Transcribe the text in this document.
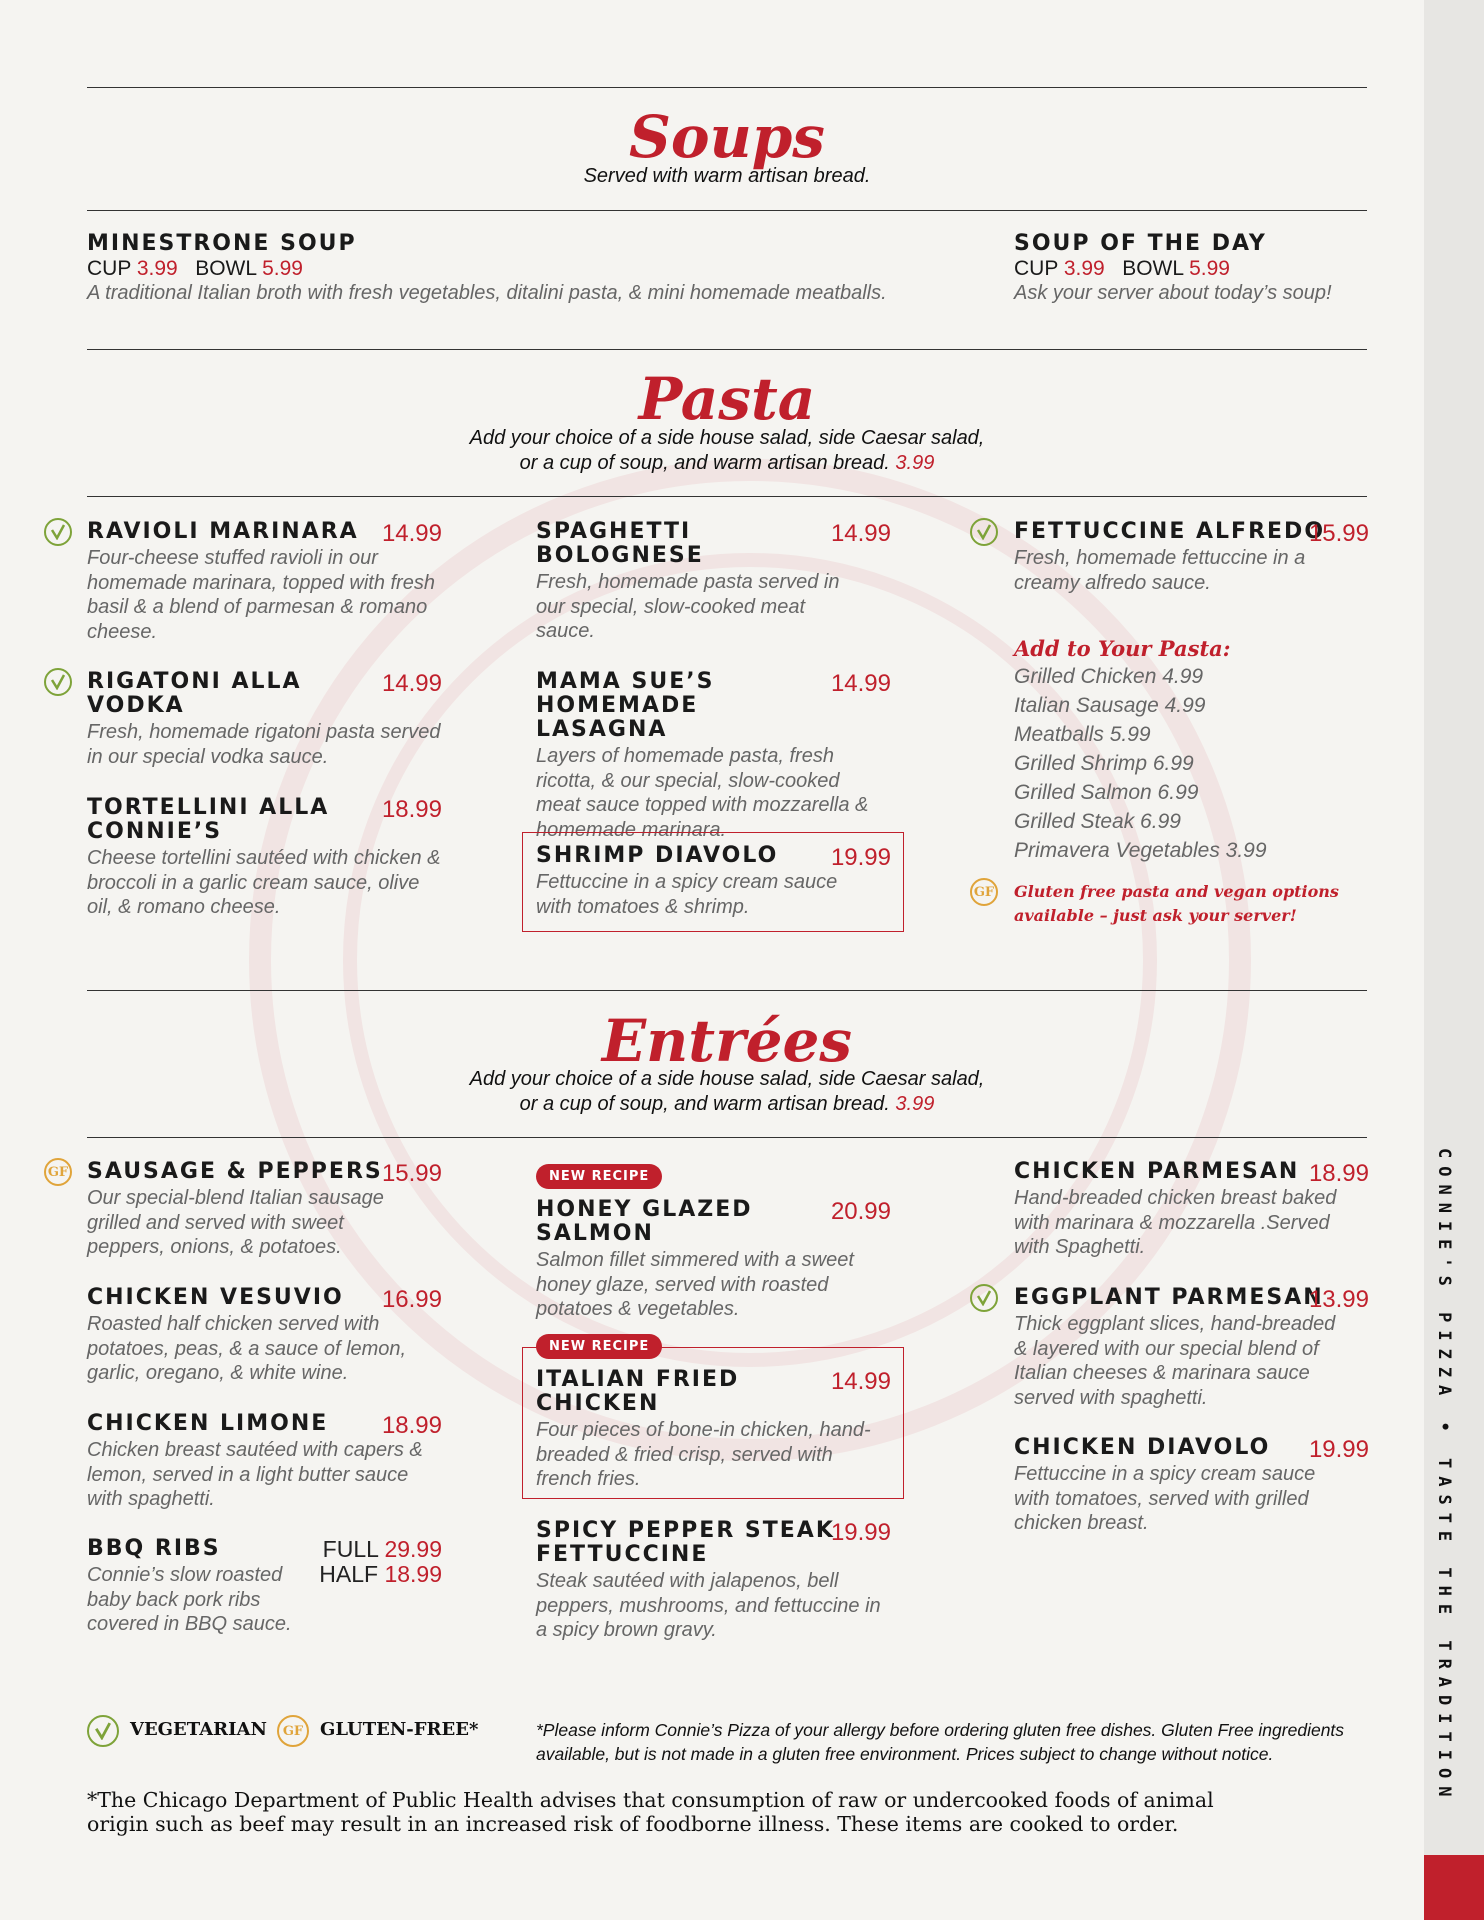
CONNIE'S PIZZA • TASTE THE TRADITION
Soups
Served with warm artisan bread.
MINESTRONE SOUP
CUP 3.99 BOWL 5.99
A traditional Italian broth with fresh vegetables, ditalini pasta, & mini homemade meatballs.
SOUP OF THE DAY
CUP 3.99 BOWL 5.99
Ask your server about today’s soup!
Pasta
Add your choice of a side house salad, side Caesar salad,
or a cup of soup, and warm artisan bread. 3.99
RAVIOLI MARINARA 14.99
Four-cheese stuffed ravioli in our homemade marinara, topped with fresh basil & a blend of parmesan & romano cheese.
RIGATONI ALLA VODKA
14.99
Fresh, homemade rigatoni pasta served in our special vodka sauce.
TORTELLINI ALLA CONNIE’S
18.99
Cheese tortellini sautéed with chicken & broccoli in a garlic cream sauce, olive oil, & romano cheese.
SPAGHETTI BOLOGNESE
14.99
Fresh, homemade pasta served in our special, slow-cooked meat sauce.
MAMA SUE’S HOMEMADE LASAGNA
14.99
Layers of homemade pasta, fresh ricotta, & our special, slow-cooked meat sauce topped with mozzarella & homemade marinara.
SHRIMP DIAVOLO	19.99
Fettuccine in a spicy cream sauce with tomatoes & shrimp.
FETTUCCINE ALFREDO
15.99
Fresh, homemade fettuccine in a creamy alfredo sauce.
Add to Your Pasta:
Grilled Chicken 4.99
Italian Sausage 4.99
Meatballs 5.99
Grilled Shrimp 6.99
Grilled Salmon 6.99
Grilled Steak 6.99
Primavera Vegetables 3.99
GF Gluten free pasta and vegan options
available – just ask your server!
Entrées
Add your choice of a side house salad, side Caesar salad,
or a cup of soup, and warm artisan bread. 3.99
GF SAUSAGE & PEPPERS 15.99
Our special-blend Italian sausage grilled and served with sweet peppers, onions, & potatoes.
CHICKEN VESUVIO	16.99
Roasted half chicken served with potatoes, peas, & a sauce of lemon, garlic, oregano, & white wine.
CHICKEN LIMONE	18.99
Chicken breast sautéed with capers & lemon, served in a light butter sauce with spaghetti.
BBQ RIBS	FULL 29.99
HALF 18.99
Connie’s slow roasted baby back pork ribs covered in BBQ sauce.
NEW RECIPE
HONEY GLAZED SALMON
20.99
Salmon fillet simmered with a sweet honey glaze, served with roasted potatoes & vegetables.
NEW RECIPE
ITALIAN FRIED CHICKEN
14.99
Four pieces of bone-in chicken, hand-breaded & fried crisp, served with french fries.
SPICY PEPPER STEAK FETTUCCINE
19.99
Steak sautéed with jalapenos, bell peppers, mushrooms, and fettuccine in a spicy brown gravy.
CHICKEN PARMESAN 18.99
Hand-breaded chicken breast baked with marinara & mozzarella .Served with Spaghetti.
EGGPLANT PARMESAN
13.99
Thick eggplant slices, hand-breaded & layered with our special blend of Italian cheeses & marinara sauce served with spaghetti.
CHICKEN DIAVOLO	19.99
Fettuccine in a spicy cream sauce with tomatoes, served with grilled chicken breast.
VEGETARIAN	GF GLUTEN-FREE*	*Please inform Connie’s Pizza of your allergy before ordering gluten free dishes. Gluten Free ingredients available, but is not made in a gluten free environment. Prices subject to change without notice.
*The Chicago Department of Public Health advises that consumption of raw or undercooked foods of animal origin such as beef may result in an increased risk of foodborne illness. These items are cooked to order.
